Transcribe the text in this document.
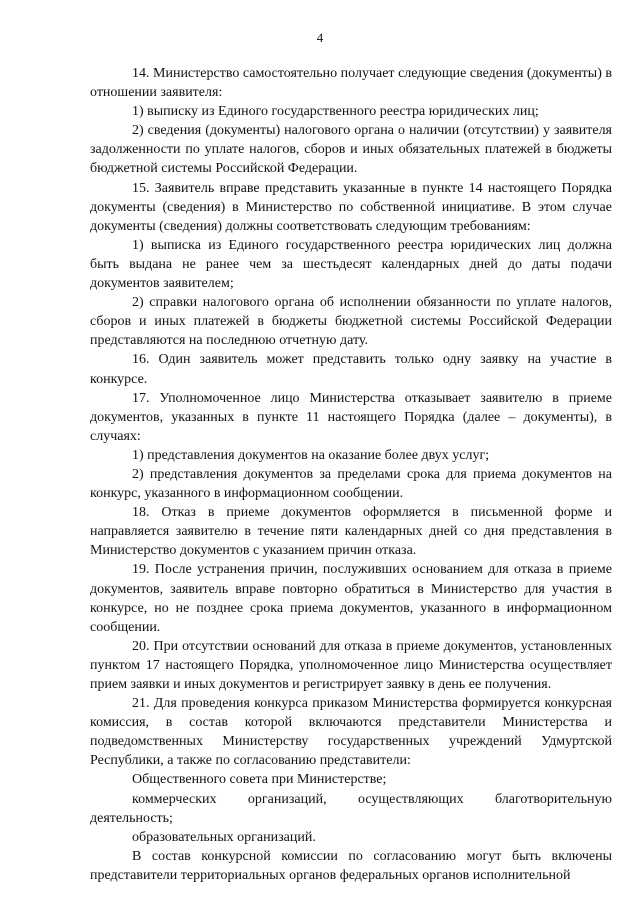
4

14. Министерство самостоятельно получает следующие сведения (документы) в отношении заявителя:

1) выписку из Единого государственного реестра юридических лиц;

2) сведения (документы) налогового органа о наличии (отсутствии) у заявителя задолженности по уплате налогов, сборов и иных обязательных платежей в бюджеты бюджетной системы Российской Федерации.

15. Заявитель вправе представить указанные в пункте 14 настоящего Порядка документы (сведения) в Министерство по собственной инициативе. В этом случае документы (сведения) должны соответствовать следующим требованиям:

1) выписка из Единого государственного реестра юридических лиц должна быть выдана не ранее чем за шестьдесят календарных дней до даты подачи документов заявителем;

2) справки налогового органа об исполнении обязанности по уплате налогов, сборов и иных платежей в бюджеты бюджетной системы Российской Федерации представляются на последнюю отчетную дату.

16. Один заявитель может представить только одну заявку на участие в конкурсе.

17. Уполномоченное лицо Министерства отказывает заявителю в приеме документов, указанных в пункте 11 настоящего Порядка (далее – документы), в случаях:

1) представления документов на оказание более двух услуг;

2) представления документов за пределами срока для приема документов на конкурс, указанного в информационном сообщении.

18. Отказ в приеме документов оформляется в письменной форме и направляется заявителю в течение пяти календарных дней со дня представления в Министерство документов с указанием причин отказа.

19. После устранения причин, послуживших основанием для отказа в приеме документов, заявитель вправе повторно обратиться в Министерство для участия в конкурсе, но не позднее срока приема документов, указанного в информационном сообщении.

20. При отсутствии оснований для отказа в приеме документов, установленных пунктом 17 настоящего Порядка, уполномоченное лицо Министерства осуществляет прием заявки и иных документов и регистрирует заявку в день ее получения.

21. Для проведения конкурса приказом Министерства формируется конкурсная комиссия, в состав которой включаются представители Министерства и подведомственных Министерству государственных учреждений Удмуртской Республики, а также по согласованию представители:

Общественного совета при Министерстве;

коммерческих организаций, осуществляющих благотворительную деятельность;

образовательных организаций.

В состав конкурсной комиссии по согласованию могут быть включены представители территориальных органов федеральных органов исполнительной
